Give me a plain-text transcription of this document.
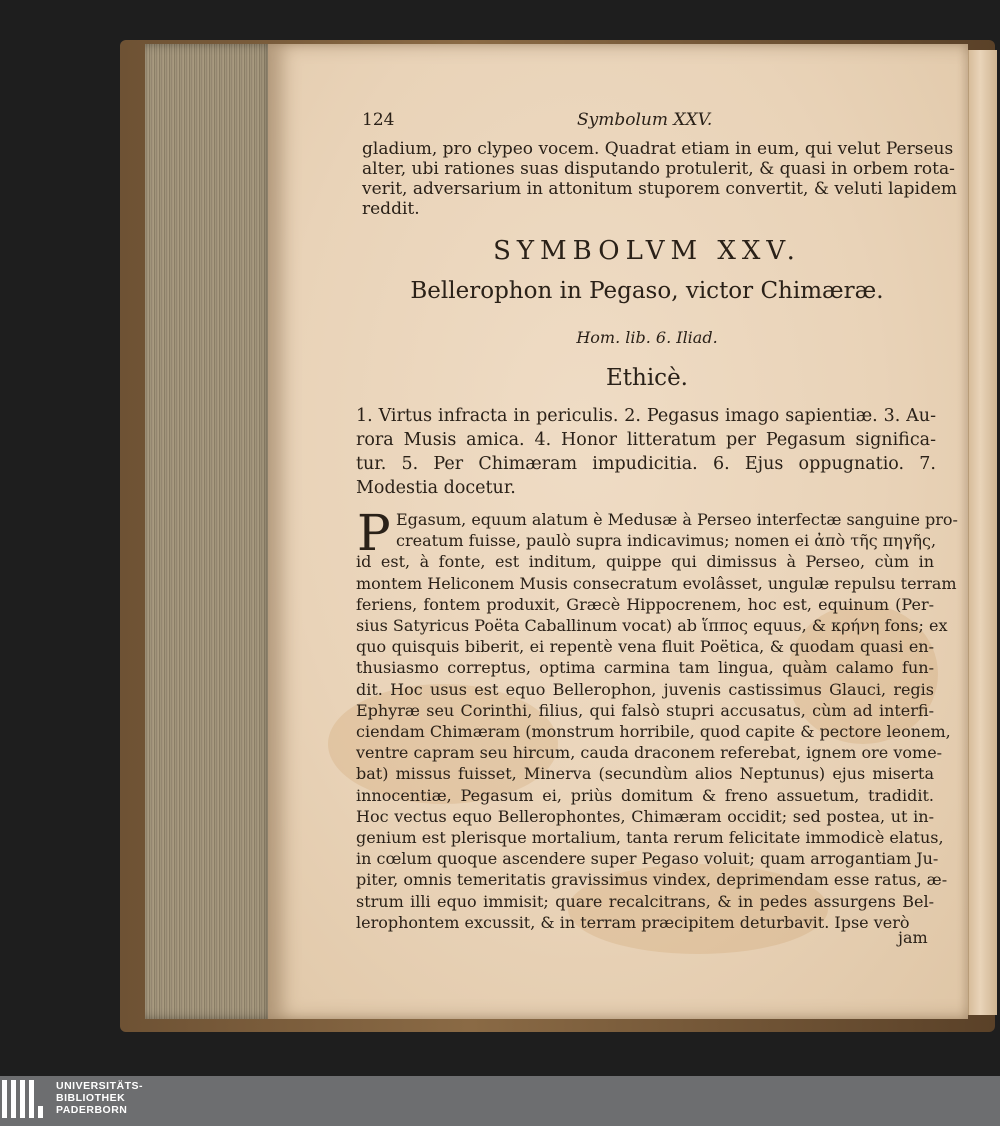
124	Symbolum XXV.
gladium, pro clypeo vocem. Quadrat etiam in eum, qui velut Perseus
alter, ubi rationes suas disputando protulerit, & quasi in orbem rota-
verit, adversarium in attonitum stuporem convertit, & veluti lapidem
reddit.
SYMBOLVM XXV.
Bellerophon in Pegaso, victor Chimæræ.
Hom. lib. 6. Iliad.
Ethicè.
1. Virtus infracta in periculis. 2. Pegasus imago sapientiæ. 3. Au-
rora Musis amica. 4. Honor litteratum per Pegasum significa-
tur. 5. Per Chimæram impudicitia. 6. Ejus oppugnatio. 7.
Modestia docetur.
P Egasum, equum alatum è Medusæ à Perseo interfectæ sanguine pro-
creatum fuisse, paulò supra indicavimus; nomen ei ἀπὸ τῆς πηγῆς,
id est, à fonte, est inditum, quippe qui dimissus à Perseo, cùm in
montem Heliconem Musis consecratum evolâsset, ungulæ repulsu terram
feriens, fontem produxit, Græcè Hippocrenem, hoc est, equinum (Per-
sius Satyricus Poëta Caballinum vocat) ab ἵππος equus, & κρήνη fons; ex
quo quisquis biberit, ei repentè vena fluit Poëtica, & quodam quasi en-
thusiasmo correptus, optima carmina tam lingua, quàm calamo fun-
dit. Hoc usus est equo Bellerophon, juvenis castissimus Glauci, regis
Ephyræ seu Corinthi, filius, qui falsò stupri accusatus, cùm ad interfi-
ciendam Chimæram (monstrum horribile, quod capite & pectore leonem,
ventre capram seu hircum, cauda draconem referebat, ignem ore vome-
bat) missus fuisset, Minerva (secundùm alios Neptunus) ejus miserta
innocentiæ, Pegasum ei, priùs domitum & freno assuetum, tradidit.
Hoc vectus equo Bellerophontes, Chimæram occidit; sed postea, ut in-
genium est plerisque mortalium, tanta rerum felicitate immodicè elatus,
in cœlum quoque ascendere super Pegaso voluit; quam arrogantiam Ju-
piter, omnis temeritatis gravissimus vindex, deprimendam esse ratus, æ-
strum illi equo immisit; quare recalcitrans, & in pedes assurgens Bel-
lerophontem excussit, & in terram præcipitem deturbavit. Ipse verò
jam
UNIVERSITÄTS-
BIBLIOTHEK
PADERBORN
